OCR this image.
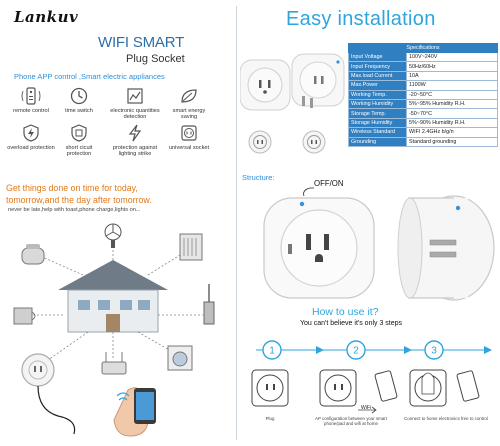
Lankuv
WIFI SMART
Plug Socket
Phone APP control ,Smart electric appliances
remote control	time switch	electronic quantities detection
smart energy saving
overload protection	short cicuit protection
protection against lighting strike
universal socket
Get things done on time for today,
tomorrow,and the day after tomorrow.
never be late,help with toast,phone charge,lights on...
Easy installation
Specifications	
Input Voltage	100V~240V
Input Frequency	50Hz/60Hz
Max.load Current	10A
Max.Power	1100W
Working Temp.	-20~50°C
Working Humidity	5%~95% Humidity R.H.
Storage Temp.	-50~70°C
Storage Humidity	5%~90% Humidity R.H.
Wireless Standard	WIFI 2.4GHz b/g/n
Grounding	Standard grounding
Structure:
OFF/ON
How to use it?
You can't believe it's only 3 steps
1	2	3
WiFi
Plug	AP configuration between your smart phone/pad and wifi at home
Connect to home electronics free to control
